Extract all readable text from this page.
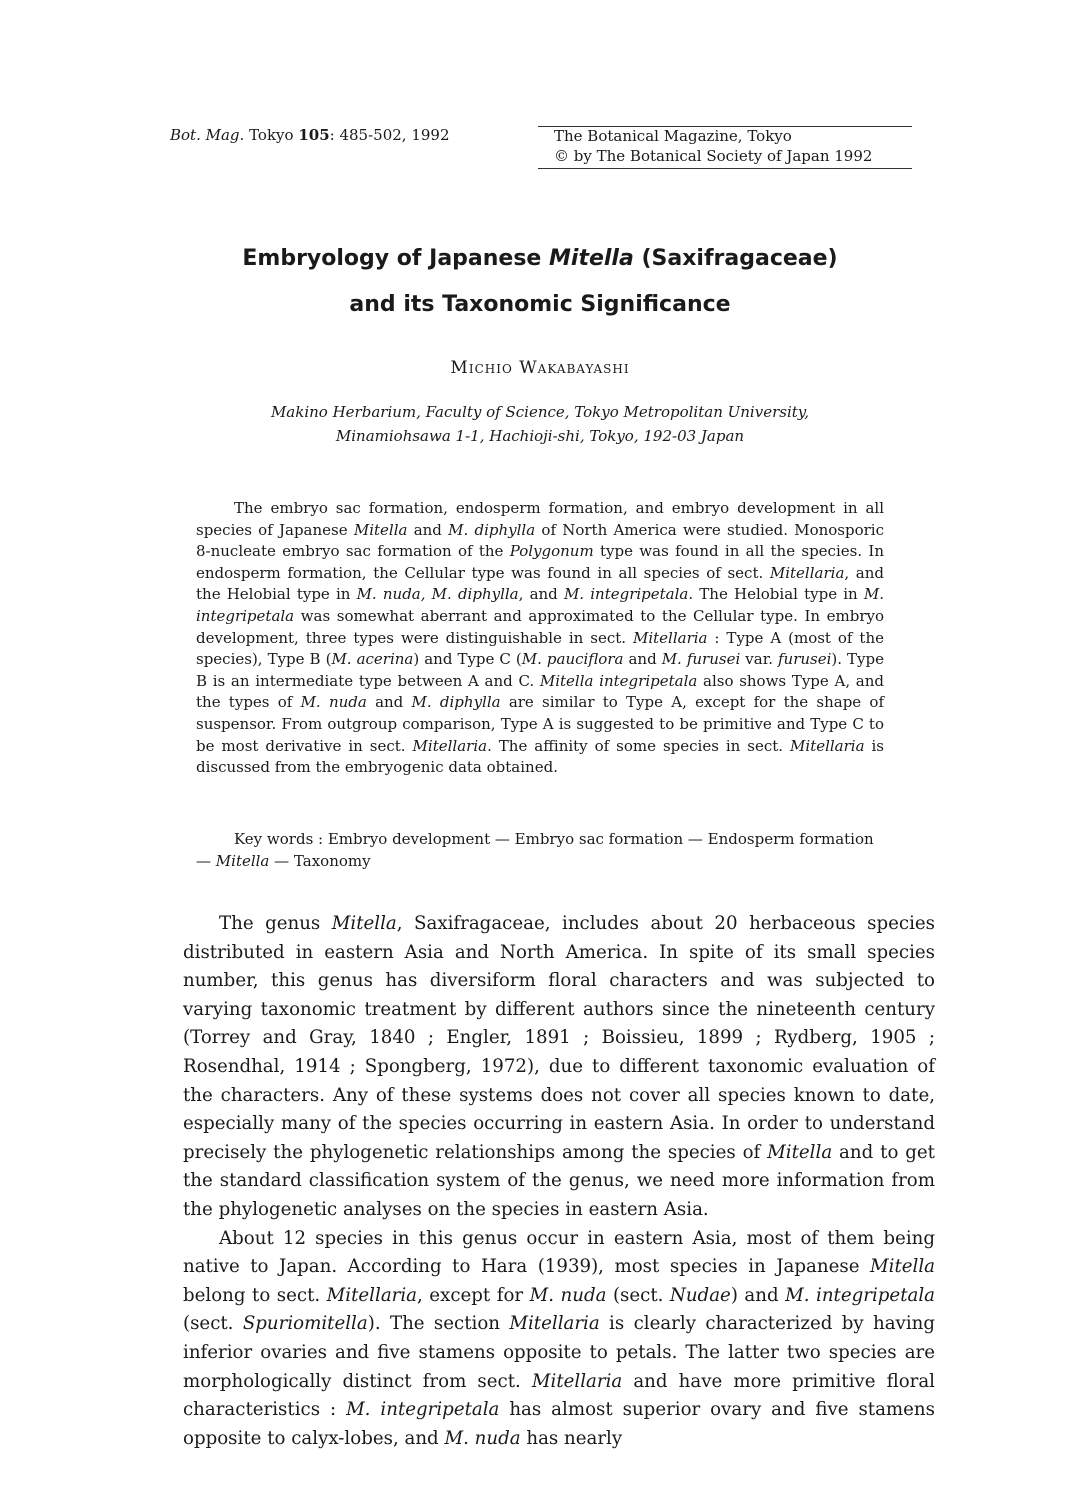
Bot. Mag. Tokyo 105: 485-502, 1992	The Botanical Magazine, Tokyo
© by The Botanical Society of Japan 1992
Embryology of Japanese Mitella (Saxifragaceae)
and its Taxonomic Significance
Michio Wakabayashi
Makino Herbarium, Faculty of Science, Tokyo Metropolitan University,
Minamiohsawa 1-1, Hachioji-shi, Tokyo, 192-03 Japan

The embryo sac formation, endosperm formation, and embryo development in all species of Japanese Mitella and M. diphylla of North America were studied. Monosporic 8-nucleate embryo sac formation of the Polygonum type was found in all the species. In endosperm formation, the Cellular type was found in all species of sect. Mitellaria, and the Helobial type in M. nuda, M. diphylla, and M. integripetala. The Helobial type in M. integripetala was somewhat aberrant and approximated to the Cellular type. In embryo development, three types were distinguishable in sect. Mitellaria : Type A (most of the species), Type B (M. acerina) and Type C (M. pauciflora and M. furusei var. furusei). Type B is an intermediate type between A and C. Mitella integripetala also shows Type A, and the types of M. nuda and M. diphylla are similar to Type A, except for the shape of suspensor. From outgroup comparison, Type A is suggested to be primitive and Type C to be most derivative in sect. Mitellaria. The affinity of some species in sect. Mitellaria is discussed from the embryogenic data obtained.

Key words : Embryo development — Embryo sac formation — Endosperm formation — Mitella — Taxonomy

The genus Mitella, Saxifragaceae, includes about 20 herbaceous species distributed in eastern Asia and North America. In spite of its small species number, this genus has diversiform floral characters and was subjected to varying taxonomic treatment by different authors since the nineteenth century (Torrey and Gray, 1840 ; Engler, 1891 ; Boissieu, 1899 ; Rydberg, 1905 ; Rosendhal, 1914 ; Spongberg, 1972), due to different taxonomic evaluation of the characters. Any of these systems does not cover all species known to date, especially many of the species occurring in eastern Asia. In order to understand precisely the phylogenetic relationships among the species of Mitella and to get the standard classification system of the genus, we need more information from the phylogenetic analyses on the species in eastern Asia.

About 12 species in this genus occur in eastern Asia, most of them being native to Japan. According to Hara (1939), most species in Japanese Mitella belong to sect. Mitellaria, except for M. nuda (sect. Nudae) and M. integripetala (sect. Spuriomitella). The section Mitellaria is clearly characterized by having inferior ovaries and five stamens opposite to petals. The latter two species are morphologically distinct from sect. Mitellaria and have more primitive floral characteristics : M. integripetala has almost superior ovary and five stamens opposite to calyx-lobes, and M. nuda has nearly
